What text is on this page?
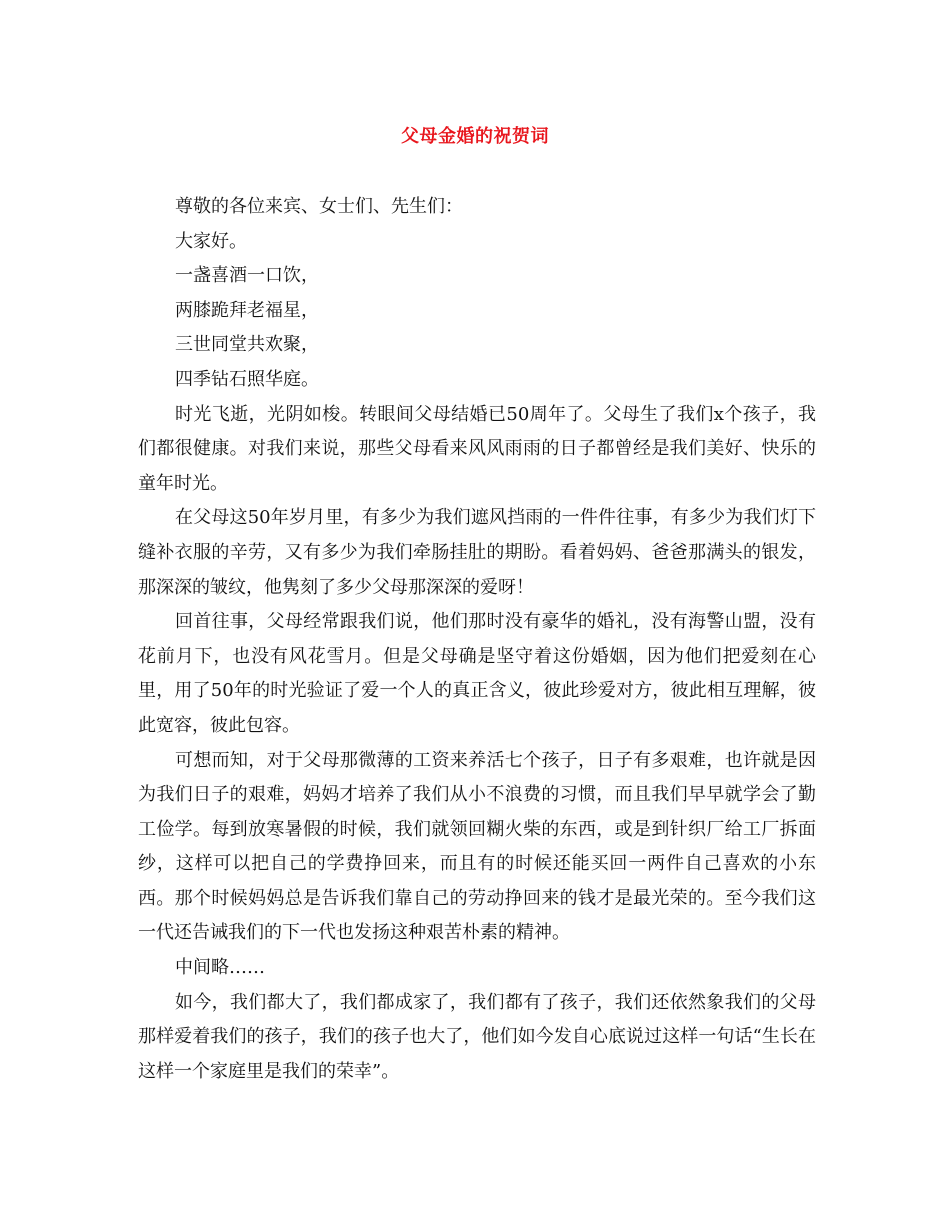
父母金婚的祝贺词

尊敬的各位来宾、女士们、先生们：

大家好。

一盏喜酒一口饮，

两膝跪拜老福星，

三世同堂共欢聚，

四季钻石照华庭。

时光飞逝，光阴如梭。转眼间父母结婚已50周年了。父母生了我们x个孩子，我们都很健康。对我们来说，那些父母看来风风雨雨的日子都曾经是我们美好、快乐的童年时光。

在父母这50年岁月里，有多少为我们遮风挡雨的一件件往事，有多少为我们灯下缝补衣服的辛劳，又有多少为我们牵肠挂肚的期盼。看着妈妈、爸爸那满头的银发，那深深的皱纹，他隽刻了多少父母那深深的爱呀！

回首往事，父母经常跟我们说，他们那时没有豪华的婚礼，没有海警山盟，没有花前月下，也没有风花雪月。但是父母确是坚守着这份婚姻，因为他们把爱刻在心里，用了50年的时光验证了爱一个人的真正含义，彼此珍爱对方，彼此相互理解，彼此宽容，彼此包容。

可想而知，对于父母那微薄的工资来养活七个孩子，日子有多艰难，也许就是因为我们日子的艰难，妈妈才培养了我们从小不浪费的习惯，而且我们早早就学会了勤工俭学。每到放寒暑假的时候，我们就领回糊火柴的东西，或是到针织厂给工厂拆面纱，这样可以把自己的学费挣回来，而且有的时候还能买回一两件自己喜欢的小东西。那个时候妈妈总是告诉我们靠自己的劳动挣回来的钱才是最光荣的。至今我们这一代还告诫我们的下一代也发扬这种艰苦朴素的精神。

中间略……

如今，我们都大了，我们都成家了，我们都有了孩子，我们还依然象我们的父母那样爱着我们的孩子，我们的孩子也大了，他们如今发自心底说过这样一句话“生长在这样一个家庭里是我们的荣幸”。
